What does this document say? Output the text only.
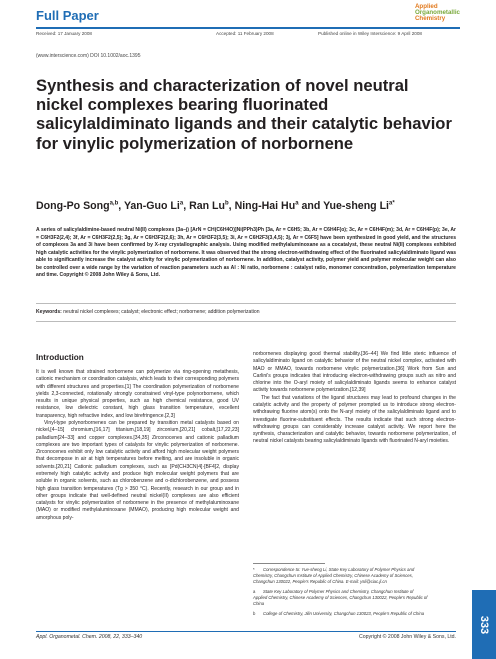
Full Paper
Applied
Organometallic
Chemistry
Received: 17 January 2008	Accepted: 11 February 2008	Published online in Wiley Interscience: 9 April 2008
(www.interscience.com) DOI 10.1002/aoc.1395
Synthesis and characterization of novel neutral nickel complexes bearing fluorinated salicylaldiminato ligands and their catalytic behavior for vinylic polymerization of norbornene
Dong-Po Song$^{a,b}$, Yan-Guo Li$^a$, Ran Lu$^b$, Ning-Hai Hu$^a$ and Yue-sheng $Li^{a*}$
A series of salicylaldimine-based neutral Ni(II) complexes (3a–j) [ArN = CH(C6H4O)]Ni(PPh3)Ph [3a, Ar = C6H5; 3b, Ar = C6H4F(o); 3c, Ar = C6H4F(m); 3d, Ar = C6H4F(p); 3e, Ar = C6H3F2(2,4); 3f, Ar = C6H3F2(2,5); 3g, Ar = C6H3F2(2,6); 3h, Ar = C6H3F2(3,5); 3i, Ar = C6H2F3(3,4,5); 3j, Ar = C6F5] have been synthesized in good yield, and the structures of complexes 3a and 3i have been confirmed by X-ray crystallographic analysis. Using modified methylaluminoxane as a cocatalyst, these neutral Ni(II) complexes exhibited high catalytic activities for the vinylic polymerization of norbornene. It was observed that the strong electron-withdrawing effect of the fluorinated salicylaldiminato ligand was able to significantly increase the catalyst activity for vinylic polymerization of norbornene. In addition, catalyst activity, polymer yield and polymer molecular weight can also be controlled over a wide range by the variation of reaction parameters such as Al : Ni ratio, norbornene : catalyst ratio, monomer concentration, polymerization temperature and time. Copyright © 2008 John Wiley & Sons, Ltd.
Keywords: neutral nickel complexes; catalyst; electronic effect; norbornene; addition polymerization
Introduction

It is well known that strained norbornene can polymerize via ring-opening metathesis, cationic mechanism or coordination catalysis, which leads to their corresponding polymers with different structures and properties.[1] The coordination polymerization of norbornene yields 2,3-connected, rotationally strongly constrained vinyl-type polynorbornene, which results in unique physical properties, such as high chemical resistance, good UV resistance, low dielectric constant, high glass transition temperature, excellent transparency, high refractive index, and low birefringence.[2,3]

Vinyl-type polynorbornenes can be prepared by transition metal catalysts based on nickel,[4–15] chromium,[16,17] titanium,[18,19] zirconium,[20,21] cobalt,[17,22,23] palladium[24–33] and copper complexes.[34,35] Zirconocenes and cationic palladium complexes are two important types of catalysts for vinylic polymerization of norbornene. Zirconocenes exhibit only low catalytic activity and afford high molecular weight polymers that decompose in air at high temperatures before melting, and are insoluble in organic solvents.[20,21] Cationic palladium complexes, such as [Pd(CH3CN)4]·[BF4]2, display extremely high catalytic activity and produce high molecular weight polymers that are soluble in organic solvents, such as chlorobenzene and o-dichlorobenzene, and possess high glass transition temperatures (Tg > 350 °C). Recently, research in our group and in other groups indicate that well-defined neutral nickel(II) complexes are also efficient catalysts for vinylic polymerization of norbornene in the presence of methylaluminoxane (MAO) or modified methylaluminoxane (MMAO), producing high molecular weight and amorphous poly-

norbornenes displaying good thermal stability.[36–44] We find little steric influence of salicylaldiminato ligand on catalytic behavior of the neutral nickel complex, activated with MAO or MMAO, towards norbornene vinylic polymerization.[36] Work from Sun and Carlini's groups indicates that introducing electron-withdrawing groups such as nitro and chlorine into the O-aryl moiety of salicylaldiminato ligands seems to enhance catalyst activity towards norbornene polymerization.[12,39]

The fact that variations of the ligand structures may lead to profound changes in the catalytic activity and the property of polymer prompted us to introduce strong electron-withdrawing fluorine atom(s) onto the N-aryl moiety of the salicylaldiminato ligand and to investigate fluorine-substituent effects. The results indicate that such strong electron-withdrawing groups can considerably increase catalyst activity. We report here the synthesis, characterization and catalytic behavior, towards norbornene polymerization, of neutral nickel catalysts bearing salicylaldiminato ligands with fluorinated N-aryl moieties.

* Correspondence to: Yue-sheng Li, State Key Laboratory of Polymer Physics and Chemistry, Changchun Institute of Applied Chemistry, Chinese Academy of Sciences, Changchun 130022, People's Republic of China. E-mail: ysli@ciac.jl.cn
a State Key Laboratory of Polymer Physics and Chemistry, Changchun Institute of Applied Chemistry, Chinese Academy of Sciences, Changchun 130022, People's Republic of China
b College of Chemistry, Jilin University, Changchun 130023, People's Republic of China
Appl. Organometal. Chem. 2008, 22, 333–340	Copyright © 2008 John Wiley & Sons, Ltd.
333
